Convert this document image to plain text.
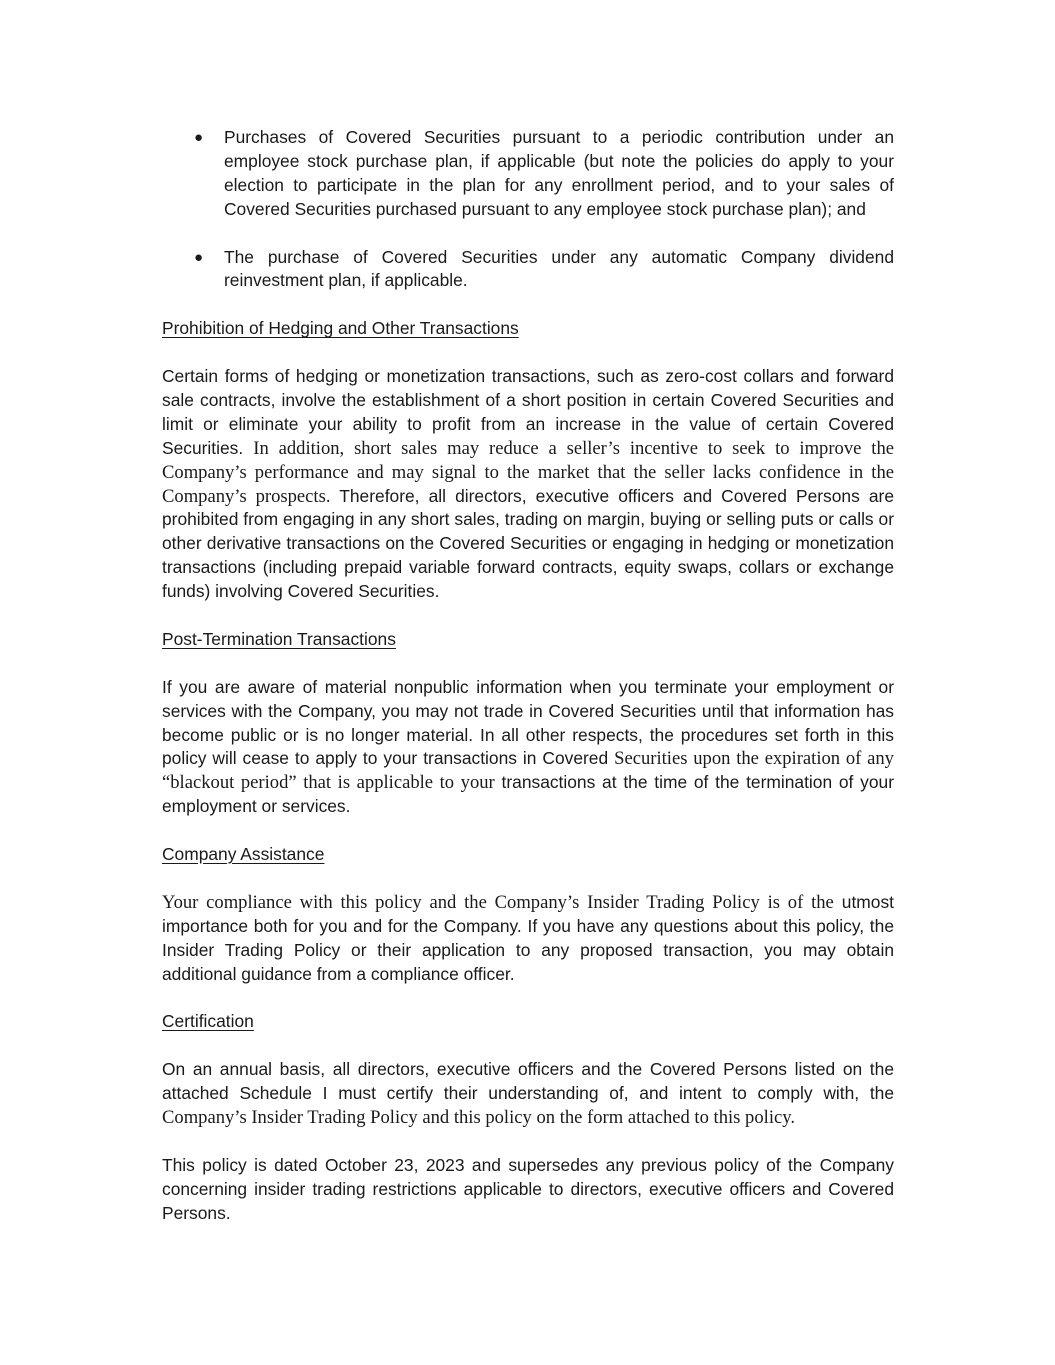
● Purchases of Covered Securities pursuant to a periodic contribution under an employee stock purchase plan, if applicable (but note the policies do apply to your election to participate in the plan for any enrollment period, and to your sales of Covered Securities purchased pursuant to any employee stock purchase plan); and
● The purchase of Covered Securities under any automatic Company dividend reinvestment plan, if applicable.

Prohibition of Hedging and Other Transactions

Certain forms of hedging or monetization transactions, such as zero-cost collars and forward sale contracts, involve the establishment of a short position in certain Covered Securities and limit or eliminate your ability to profit from an increase in the value of certain Covered Securities. In addition, short sales may reduce a seller’s incentive to seek to improve the Company’s performance and may signal to the market that the seller lacks confidence in the Company’s prospects. Therefore, all directors, executive officers and Covered Persons are prohibited from engaging in any short sales, trading on margin, buying or selling puts or calls or other derivative transactions on the Covered Securities or engaging in hedging or monetization transactions (including prepaid variable forward contracts, equity swaps, collars or exchange funds) involving Covered Securities.

Post-Termination Transactions

If you are aware of material nonpublic information when you terminate your employment or services with the Company, you may not trade in Covered Securities until that information has become public or is no longer material. In all other respects, the procedures set forth in this policy will cease to apply to your transactions in Covered Securities upon the expiration of any “blackout period” that is applicable to your transactions at the time of the termination of your employment or services.

Company Assistance

Your compliance with this policy and the Company’s Insider Trading Policy is of the utmost importance both for you and for the Company. If you have any questions about this policy, the Insider Trading Policy or their application to any proposed transaction, you may obtain additional guidance from a compliance officer.

Certification

On an annual basis, all directors, executive officers and the Covered Persons listed on the attached Schedule I must certify their understanding of, and intent to comply with, the Company’s Insider Trading Policy and this policy on the form attached to this policy.

This policy is dated October 23, 2023 and supersedes any previous policy of the Company concerning insider trading restrictions applicable to directors, executive officers and Covered Persons.
